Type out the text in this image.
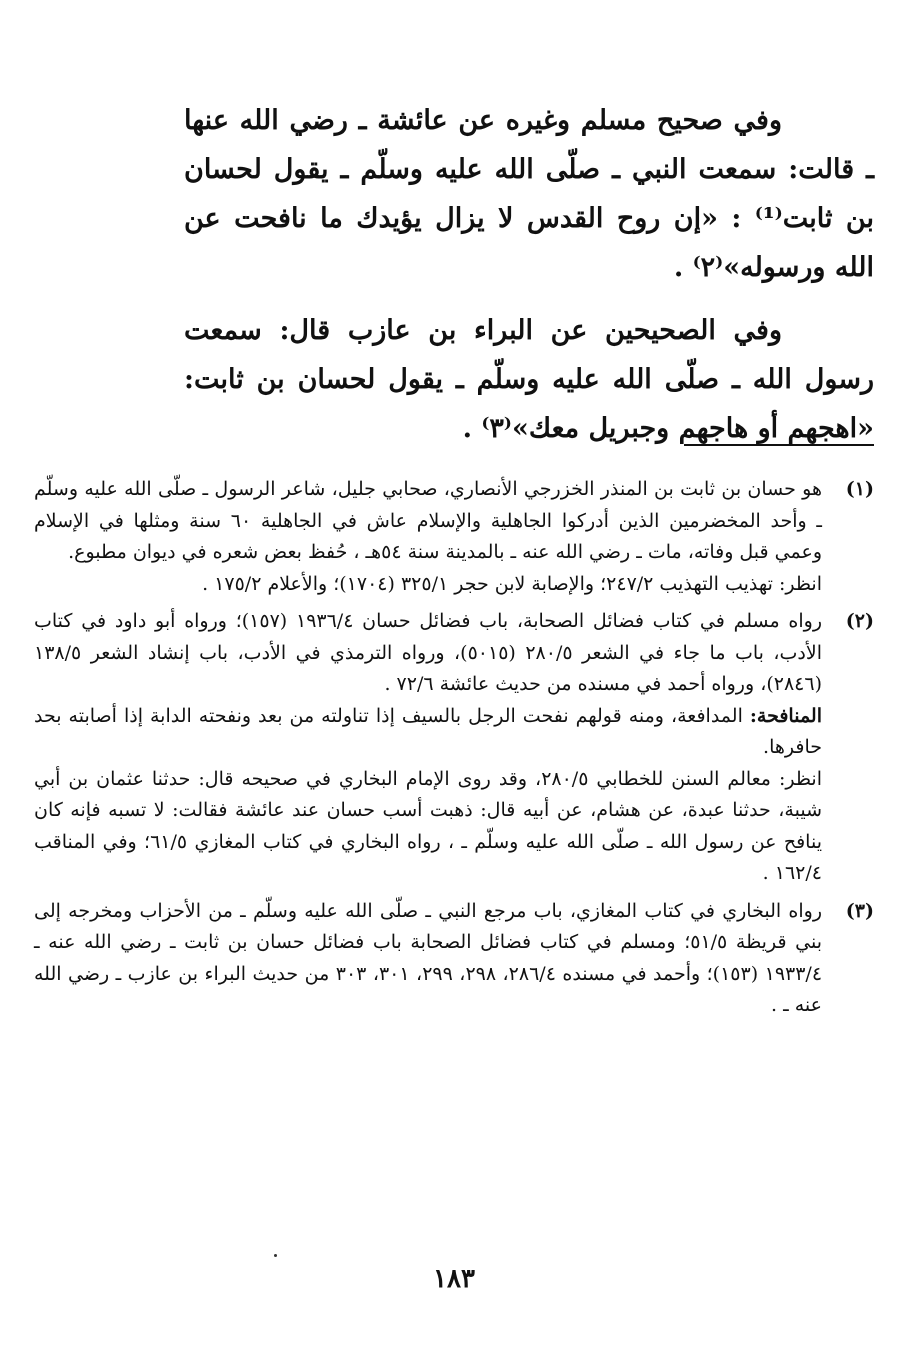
وفي صحيح مسلم وغيره عن عائشة ـ رضي الله عنها ـ قالت: سمعت النبي ـ صلّى الله عليه وسلّم ـ يقول لحسان بن ثابت⁽¹⁾ : «إن روح القدس لا يزال يؤيدك ما نافحت عن الله ورسوله»⁽٢⁾ .

وفي الصحيحين عن البراء بن عازب قال: سمعت رسول الله ـ صلّى الله عليه وسلّم ـ يقول لحسان بن ثابت: «اهجهم أو هاجهم وجبريل معك»⁽٣⁾ .

(١)

هو حسان بن ثابت بن المنذر الخزرجي الأنصاري، صحابي جليل، شاعر الرسول ـ صلّى الله عليه وسلّم ـ وأحد المخضرمين الذين أدركوا الجاهلية والإسلام عاش في الجاهلية ٦٠ سنة ومثلها في الإسلام وعمي قبل وفاته، مات ـ رضي الله عنه ـ بالمدينة سنة ٥٤هـ ، حُفظ بعض شعره في ديوان مطبوع.

انظر: تهذيب التهذيب ٢٤٧/٢؛ والإصابة لابن حجر ٣٢٥/١ (١٧٠٤)؛ والأعلام ١٧٥/٢ .

(٢)

رواه مسلم في كتاب فضائل الصحابة، باب فضائل حسان ١٩٣٦/٤ (١٥٧)؛ ورواه أبو داود في كتاب الأدب، باب ما جاء في الشعر ٢٨٠/٥ (٥٠١٥)، ورواه الترمذي في الأدب، باب إنشاد الشعر ١٣٨/٥ (٢٨٤٦)، ورواه أحمد في مسنده من حديث عائشة ٧٢/٦ .

المنافحة: المدافعة، ومنه قولهم نفحت الرجل بالسيف إذا تناولته من بعد ونفحته الدابة إذا أصابته بحد حافرها.

انظر: معالم السنن للخطابي ٢٨٠/٥، وقد روى الإمام البخاري في صحيحه قال: حدثنا عثمان بن أبي شيبة، حدثنا عبدة، عن هشام، عن أبيه قال: ذهبت أسب حسان عند عائشة فقالت: لا تسبه فإنه كان ينافح عن رسول الله ـ صلّى الله عليه وسلّم ـ ، رواه البخاري في كتاب المغازي ٦١/٥؛ وفي المناقب ١٦٢/٤ .

(٣)

رواه البخاري في كتاب المغازي، باب مرجع النبي ـ صلّى الله عليه وسلّم ـ من الأحزاب ومخرجه إلى بني قريظة ٥١/٥؛ ومسلم في كتاب فضائل الصحابة باب فضائل حسان بن ثابت ـ رضي الله عنه ـ ١٩٣٣/٤ (١٥٣)؛ وأحمد في مسنده ٢٨٦/٤، ٢٩٨، ٢٩٩، ٣٠١، ٣٠٣ من حديث البراء بن عازب ـ رضي الله عنه ـ .

١٨٣
